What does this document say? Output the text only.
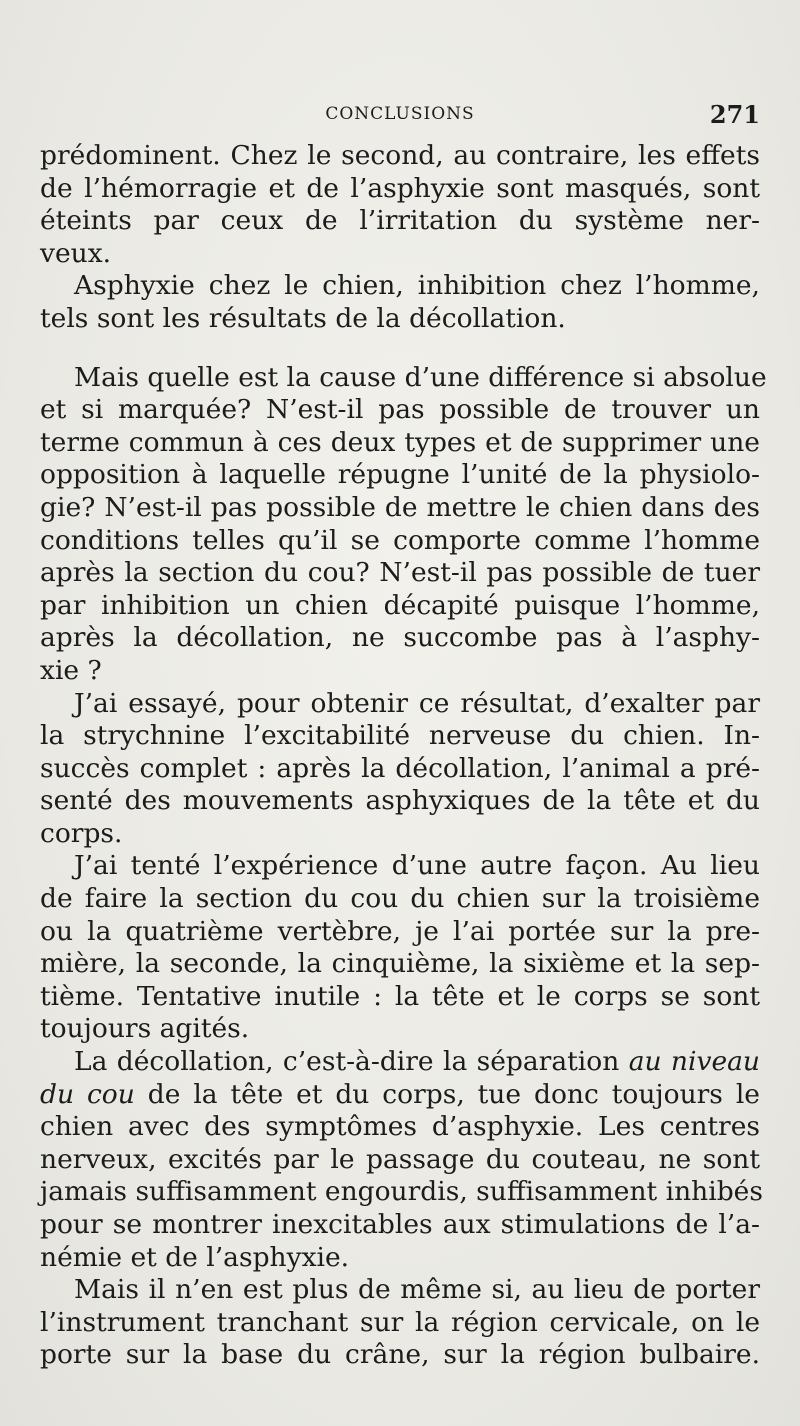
CONCLUSIONS	271
prédominent. Chez le second, au contraire, les effets
de l’hémorragie et de l’asphyxie sont masqués, sont
éteints par ceux de l’irritation du système ner-
veux.
Asphyxie chez le chien, inhibition chez l’homme,
tels sont les résultats de la décollation.
Mais quelle est la cause d’une différence si absolue
et si marquée? N’est-il pas possible de trouver un
terme commun à ces deux types et de supprimer une
opposition à laquelle répugne l’unité de la physiolo-
gie? N’est-il pas possible de mettre le chien dans des
conditions telles qu’il se comporte comme l’homme
après la section du cou? N’est-il pas possible de tuer
par inhibition un chien décapité puisque l’homme,
après la décollation, ne succombe pas à l’asphy-
xie ?
J’ai essayé, pour obtenir ce résultat, d’exalter par
la strychnine l’excitabilité nerveuse du chien. In-
succès complet : après la décollation, l’animal a pré-
senté des mouvements asphyxiques de la tête et du
corps.
J’ai tenté l’expérience d’une autre façon. Au lieu
de faire la section du cou du chien sur la troisième
ou la quatrième vertèbre, je l’ai portée sur la pre-
mière, la seconde, la cinquième, la sixième et la sep-
tième. Tentative inutile : la tête et le corps se sont
toujours agités.
La décollation, c’est-à-dire la séparation au niveau
du cou de la tête et du corps, tue donc toujours le
chien avec des symptômes d’asphyxie. Les centres
nerveux, excités par le passage du couteau, ne sont
jamais suffisamment engourdis, suffisamment inhibés
pour se montrer inexcitables aux stimulations de l’a-
némie et de l’asphyxie.
Mais il n’en est plus de même si, au lieu de porter
l’instrument tranchant sur la région cervicale, on le
porte sur la base du crâne, sur la région bulbaire.
